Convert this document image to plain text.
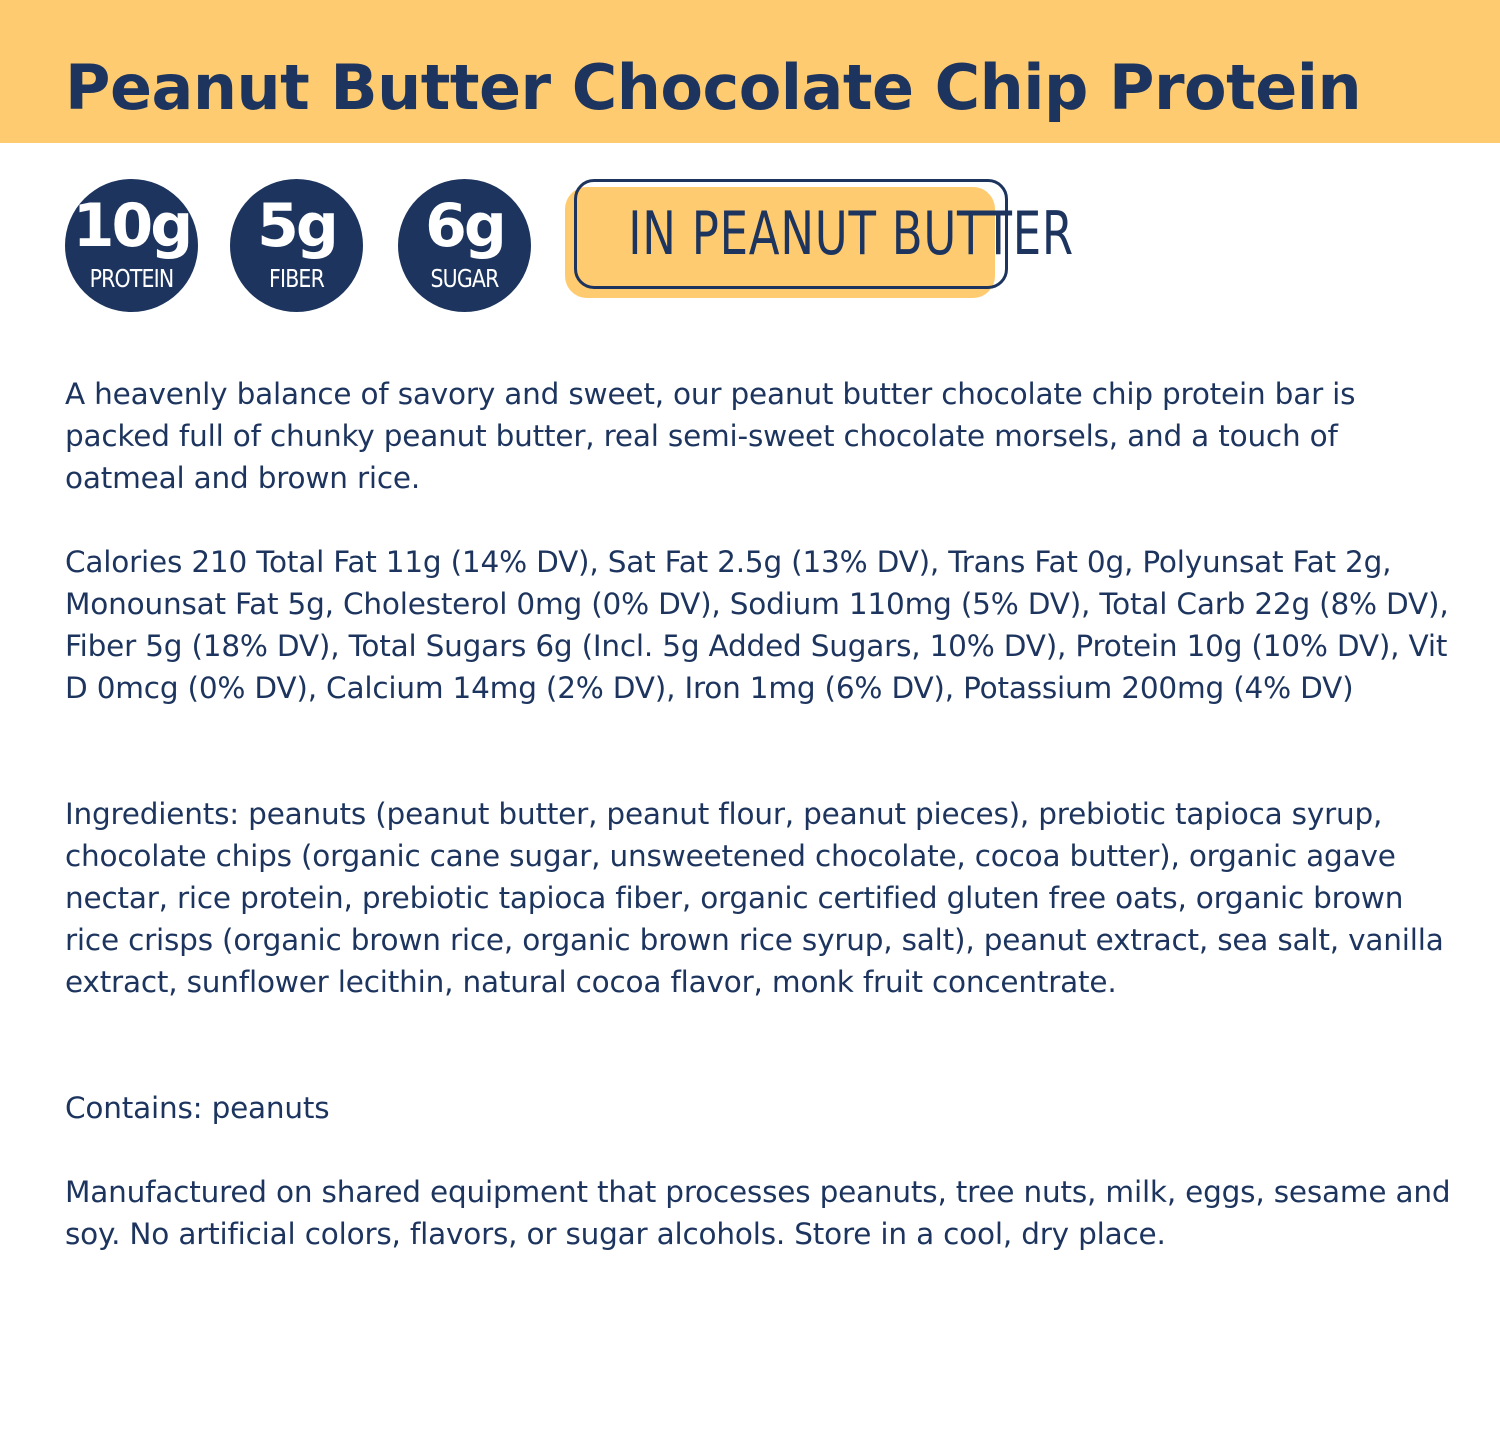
Peanut Butter Chocolate Chip Protein
10g
PROTEIN
5g
FIBER
6g
SUGAR
IN PEANUT BUTTER

A heavenly balance of savory and sweet, our peanut butter chocolate chip protein bar is packed full of chunky peanut butter, real semi-sweet chocolate morsels, and a touch of oatmeal and brown rice.

Calories 210 Total Fat 11g (14% DV), Sat Fat 2.5g (13% DV), Trans Fat 0g, Polyunsat Fat 2g, Monounsat Fat 5g, Cholesterol 0mg (0% DV), Sodium 110mg (5% DV), Total Carb 22g (8% DV), Fiber 5g (18% DV), Total Sugars 6g (Incl. 5g Added Sugars, 10% DV), Protein 10g (10% DV), Vit D 0mcg (0% DV), Calcium 14mg (2% DV), Iron 1mg (6% DV), Potassium 200mg (4% DV)

Ingredients: peanuts (peanut butter, peanut flour, peanut pieces), prebiotic tapioca syrup, chocolate chips (organic cane sugar, unsweetened chocolate, cocoa butter), organic agave nectar, rice protein, prebiotic tapioca fiber, organic certified gluten free oats, organic brown rice crisps (organic brown rice, organic brown rice syrup, salt), peanut extract, sea salt, vanilla extract, sunflower lecithin, natural cocoa flavor, monk fruit concentrate.

Contains: peanuts

Manufactured on shared equipment that processes peanuts, tree nuts, milk, eggs, sesame and soy. No artificial colors, flavors, or sugar alcohols. Store in a cool, dry place.
